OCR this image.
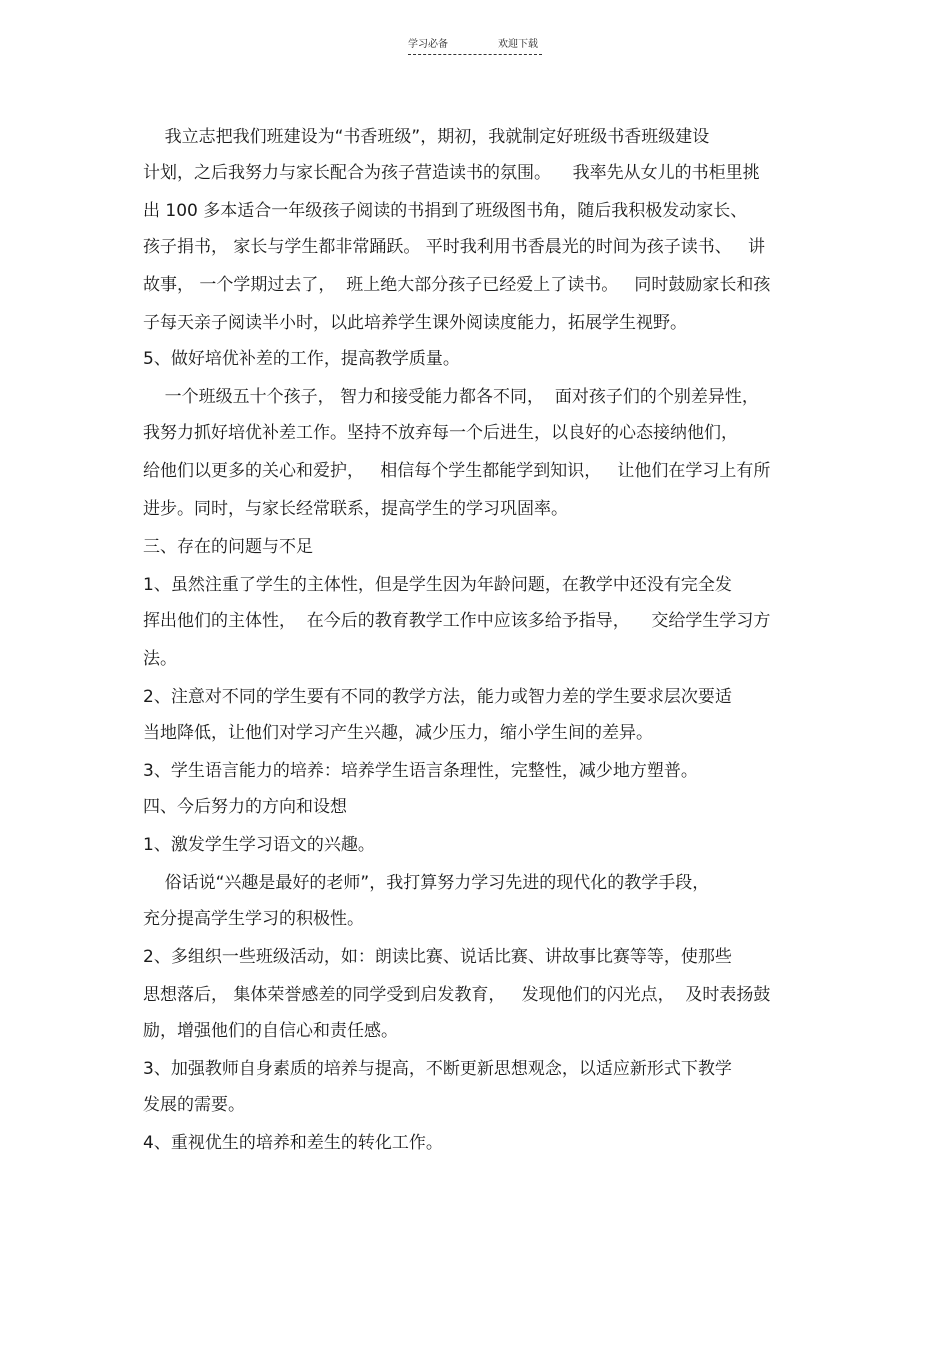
学习必备	欢迎下载
我立志把我们班建设为“书香班级”，期初，我就制定好班级书香班级建设
计划，之后我努力与家长配合为孩子营造读书的氛围。    我率先从女儿的书柜里挑
出 100 多本适合一年级孩子阅读的书捐到了班级图书角，随后我积极发动家长、
孩子捐书， 家长与学生都非常踊跃。 平时我利用书香晨光的时间为孩子读书、   讲
故事， 一个学期过去了，  班上绝大部分孩子已经爱上了读书。   同时鼓励家长和孩
子每天亲子阅读半小时，以此培养学生课外阅读度能力，拓展学生视野。
5、做好培优补差的工作，提高教学质量。
一个班级五十个孩子， 智力和接受能力都各不同，  面对孩子们的个别差异性，
我努力抓好培优补差工作。坚持不放弃每一个后进生，以良好的心态接纳他们，
给他们以更多的关心和爱护，   相信每个学生都能学到知识，   让他们在学习上有所
进步。同时，与家长经常联系，提高学生的学习巩固率。
三、存在的问题与不足
1、虽然注重了学生的主体性，但是学生因为年龄问题，在教学中还没有完全发
挥出他们的主体性，  在今后的教育教学工作中应该多给予指导，    交给学生学习方
法。
2、注意对不同的学生要有不同的教学方法，能力或智力差的学生要求层次要适
当地降低，让他们对学习产生兴趣，减少压力，缩小学生间的差异。
3、学生语言能力的培养：培养学生语言条理性，完整性，减少地方塑普。
四、今后努力的方向和设想
1、激发学生学习语文的兴趣。
俗话说“兴趣是最好的老师”，我打算努力学习先进的现代化的教学手段，
充分提高学生学习的积极性。
2、多组织一些班级活动，如：朗读比赛、说话比赛、讲故事比赛等等，使那些
思想落后， 集体荣誉感差的同学受到启发教育，   发现他们的闪光点，  及时表扬鼓
励，增强他们的自信心和责任感。
3、加强教师自身素质的培养与提高，不断更新思想观念，以适应新形式下教学
发展的需要。
4、重视优生的培养和差生的转化工作。
